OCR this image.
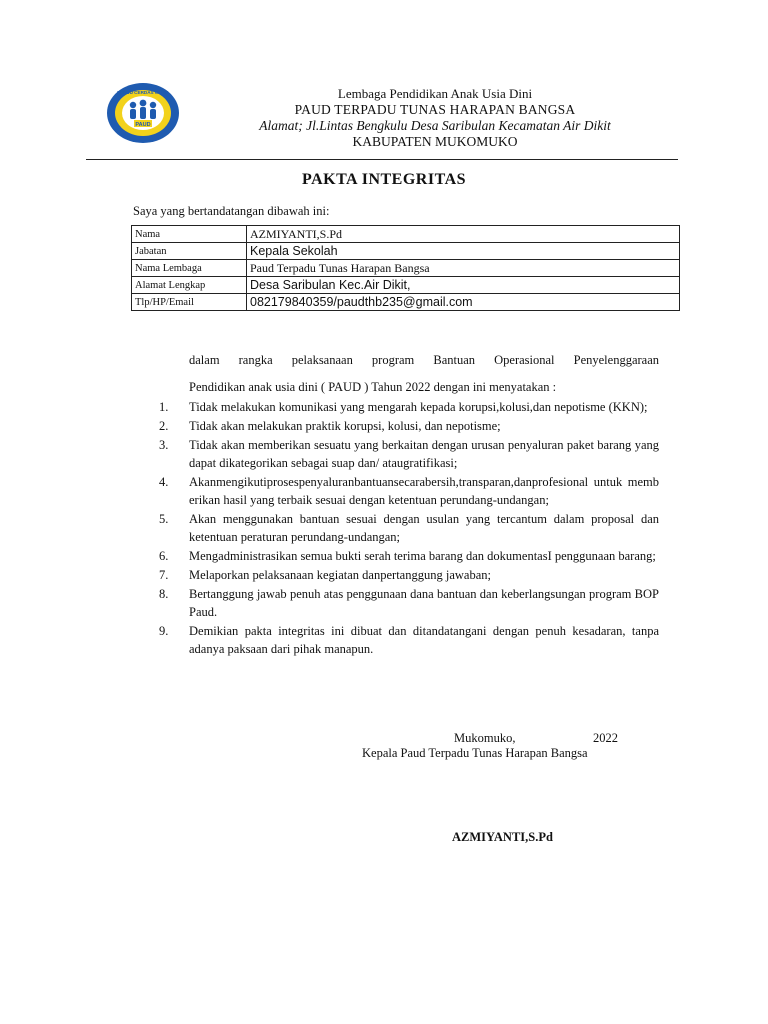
PAUD
SERBU CERDAS CERIA	Lembaga Pendidikan Anak Usia Dini
PAUD TERPADU TUNAS HARAPAN BANGSA
Alamat; Jl.Lintas Bengkulu Desa Saribulan Kecamatan Air Dikit
KABUPATEN MUKOMUKO
PAKTA INTEGRITAS
Saya yang bertandatangan dibawah ini:
Nama	AZMIYANTI,S.Pd
Jabatan	Kepala Sekolah
Nama Lembaga	Paud Terpadu Tunas Harapan Bangsa
Alamat Lengkap	Desa Saribulan Kec.Air Dikit,
Tlp/HP/Email	082179840359/paudthb235@gmail.com
dalam rangka pelaksanaan program Bantuan Operasional Penyelenggaraan
Pendidikan anak usia dini ( PAUD ) Tahun 2022 dengan ini menyatakan :
1. Tidak melakukan komunikasi yang mengarah kepada korupsi,kolusi,dan nepotisme (KKN);
2. Tidak akan melakukan praktik korupsi, kolusi, dan nepotisme;
3. Tidak akan memberikan sesuatu yang berkaitan dengan urusan penyaluran paket barang yang dapat dikategorikan sebagai suap dan/ ataugratifikasi;
4. Akanmengikutiprosespenyaluranbantuansecarabersih,transparan,danprofesional untuk memberikan hasil yang terbaik sesuai dengan ketentuan perundang-undangan;
5. Akan menggunakan bantuan sesuai dengan usulan yang tercantum dalam proposal dan ketentuan peraturan perundang-undangan;
6. Mengadministrasikan semua bukti serah terima barang dan dokumentasI penggunaan barang;
7. Melaporkan pelaksanaan kegiatan danpertanggung jawaban;
8. Bertanggung jawab penuh atas penggunaan dana bantuan dan keberlangsungan program BOP Paud.
9. Demikian pakta integritas ini dibuat dan ditandatangani dengan penuh kesadaran, tanpa adanya paksaan dari pihak manapun.
Mukomuko,	2022
Kepala Paud Terpadu Tunas Harapan Bangsa
AZMIYANTI,S.Pd
